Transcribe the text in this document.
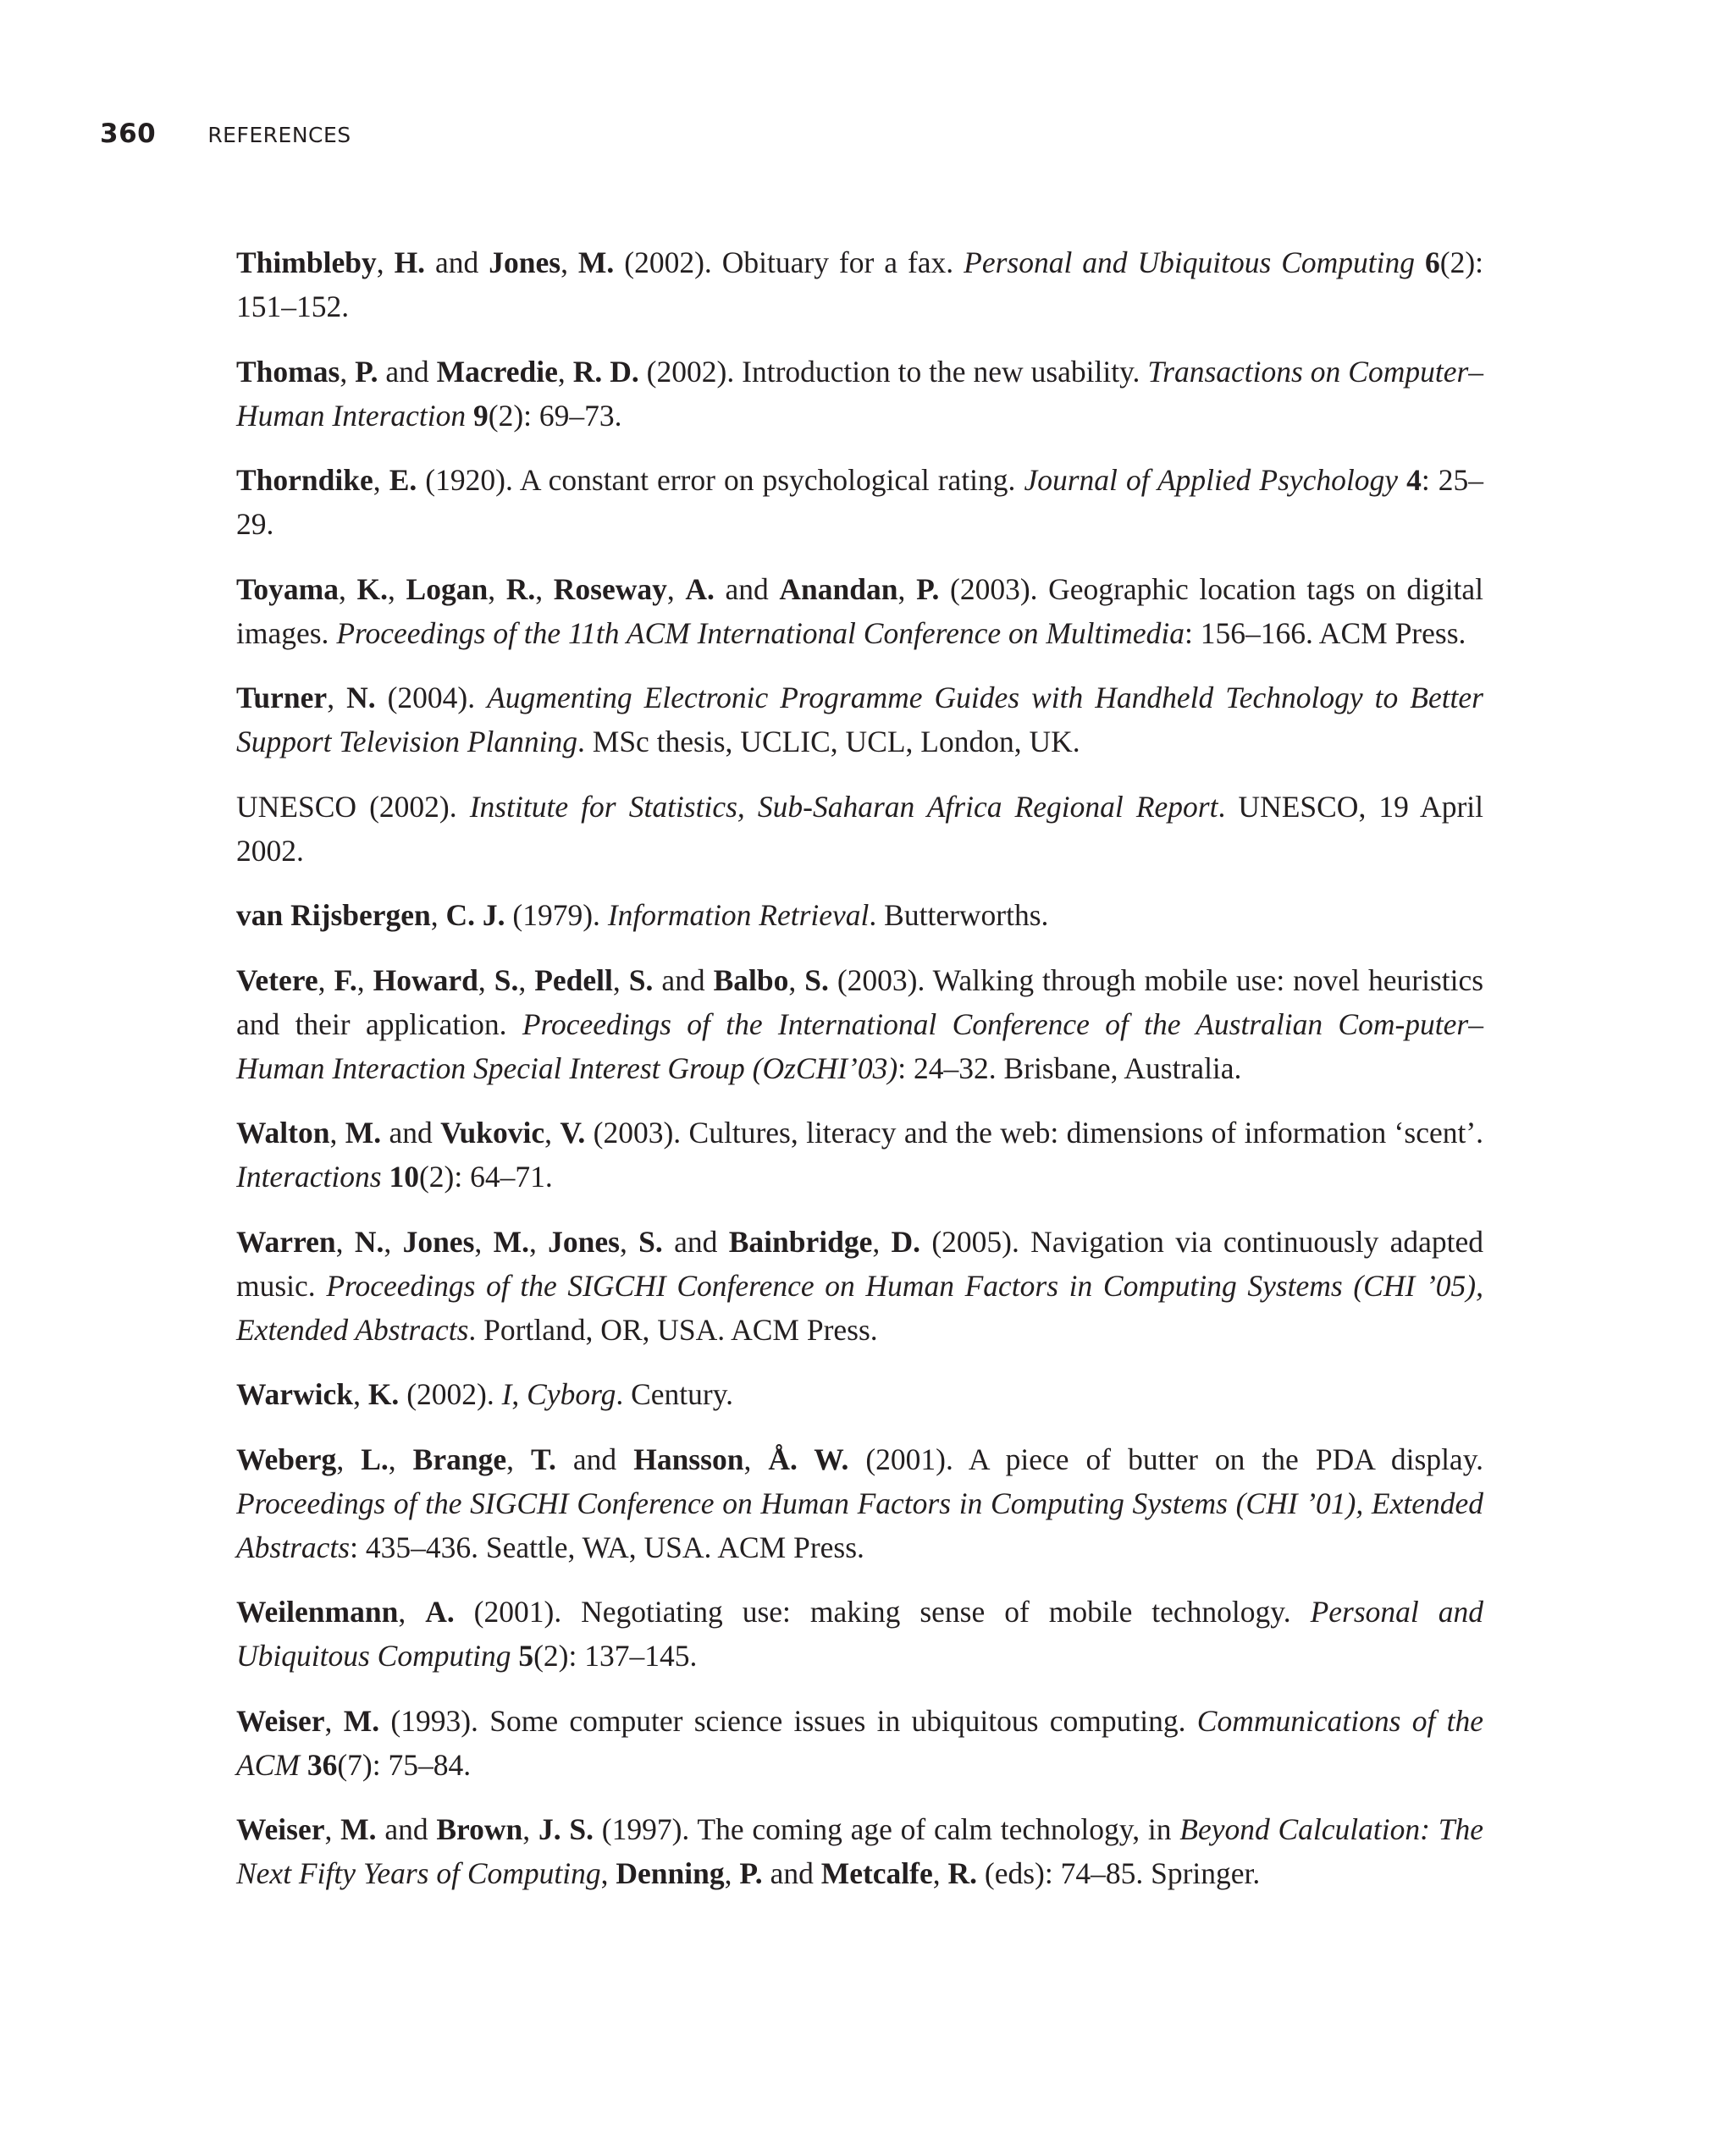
360 REFERENCES

Thimbleby, H. and Jones, M. (2002). Obituary for a fax. Personal and Ubiquitous Computing 6(2): 151–152.

Thomas, P. and Macredie, R. D. (2002). Introduction to the new usability. Transactions on Computer–Human Interaction 9(2): 69–73.

Thorndike, E. (1920). A constant error on psychological rating. Journal of Applied Psychology 4: 25–29.

Toyama, K., Logan, R., Roseway, A. and Anandan, P. (2003). Geographic location tags on digital images. Proceedings of the 11th ACM International Conference on Multimedia: 156–166. ACM Press.

Turner, N. (2004). Augmenting Electronic Programme Guides with Handheld Technology to Better Support Television Planning. MSc thesis, UCLIC, UCL, London, UK.

UNESCO (2002). Institute for Statistics, Sub-Saharan Africa Regional Report. UNESCO, 19 April 2002.

van Rijsbergen, C. J. (1979). Information Retrieval. Butterworths.

Vetere, F., Howard, S., Pedell, S. and Balbo, S. (2003). Walking through mobile use: novel heuristics and their application. Proceedings of the International Conference of the Australian Com-puter–Human Interaction Special Interest Group (OzCHI’03): 24–32. Brisbane, Australia.

Walton, M. and Vukovic, V. (2003). Cultures, literacy and the web: dimensions of information ‘scent’. Interactions 10(2): 64–71.

Warren, N., Jones, M., Jones, S. and Bainbridge, D. (2005). Navigation via continuously adapted music. Proceedings of the SIGCHI Conference on Human Factors in Computing Systems (CHI ’05), Extended Abstracts. Portland, OR, USA. ACM Press.

Warwick, K. (2002). I, Cyborg. Century.

Weberg, L., Brange, T. and Hansson, Å. W. (2001). A piece of butter on the PDA display. Proceedings of the SIGCHI Conference on Human Factors in Computing Systems (CHI ’01), Extended Abstracts: 435–436. Seattle, WA, USA. ACM Press.

Weilenmann, A. (2001). Negotiating use: making sense of mobile technology. Personal and Ubiquitous Computing 5(2): 137–145.

Weiser, M. (1993). Some computer science issues in ubiquitous computing. Communications of the ACM 36(7): 75–84.

Weiser, M. and Brown, J. S. (1997). The coming age of calm technology, in Beyond Calculation: The Next Fifty Years of Computing, Denning, P. and Metcalfe, R. (eds): 74–85. Springer.
